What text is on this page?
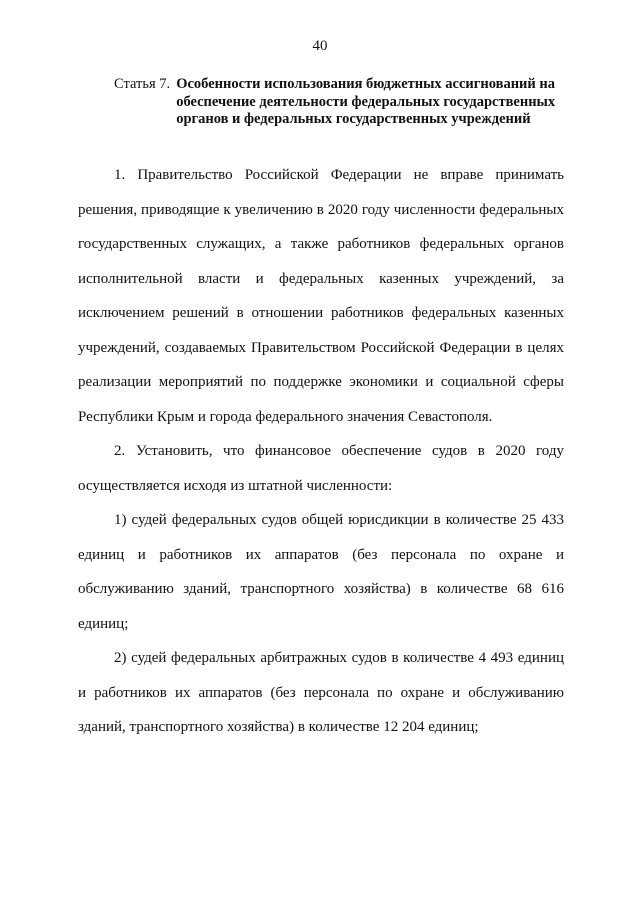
40
Статья 7. Особенности использования бюджетных ассигнований на обеспечение деятельности федеральных государственных органов и федеральных государственных учреждений

1. Правительство Российской Федерации не вправе принимать решения, приводящие к увеличению в 2020 году численности федеральных государственных служащих, а также работников федеральных органов исполнительной власти и федеральных казенных учреждений, за исключением решений в отношении работников федеральных казенных учреждений, создаваемых Правительством Российской Федерации в целях реализации мероприятий по поддержке экономики и социальной сферы Республики Крым и города федерального значения Севастополя.

2. Установить, что финансовое обеспечение судов в 2020 году осуществляется исходя из штатной численности:

1) судей федеральных судов общей юрисдикции в количестве 25 433 единиц и работников их аппаратов (без персонала по охране и обслуживанию зданий, транспортного хозяйства) в количестве 68 616 единиц;

2) судей федеральных арбитражных судов в количестве 4 493 единиц и работников их аппаратов (без персонала по охране и обслуживанию зданий, транспортного хозяйства) в количестве 12 204 единиц;
